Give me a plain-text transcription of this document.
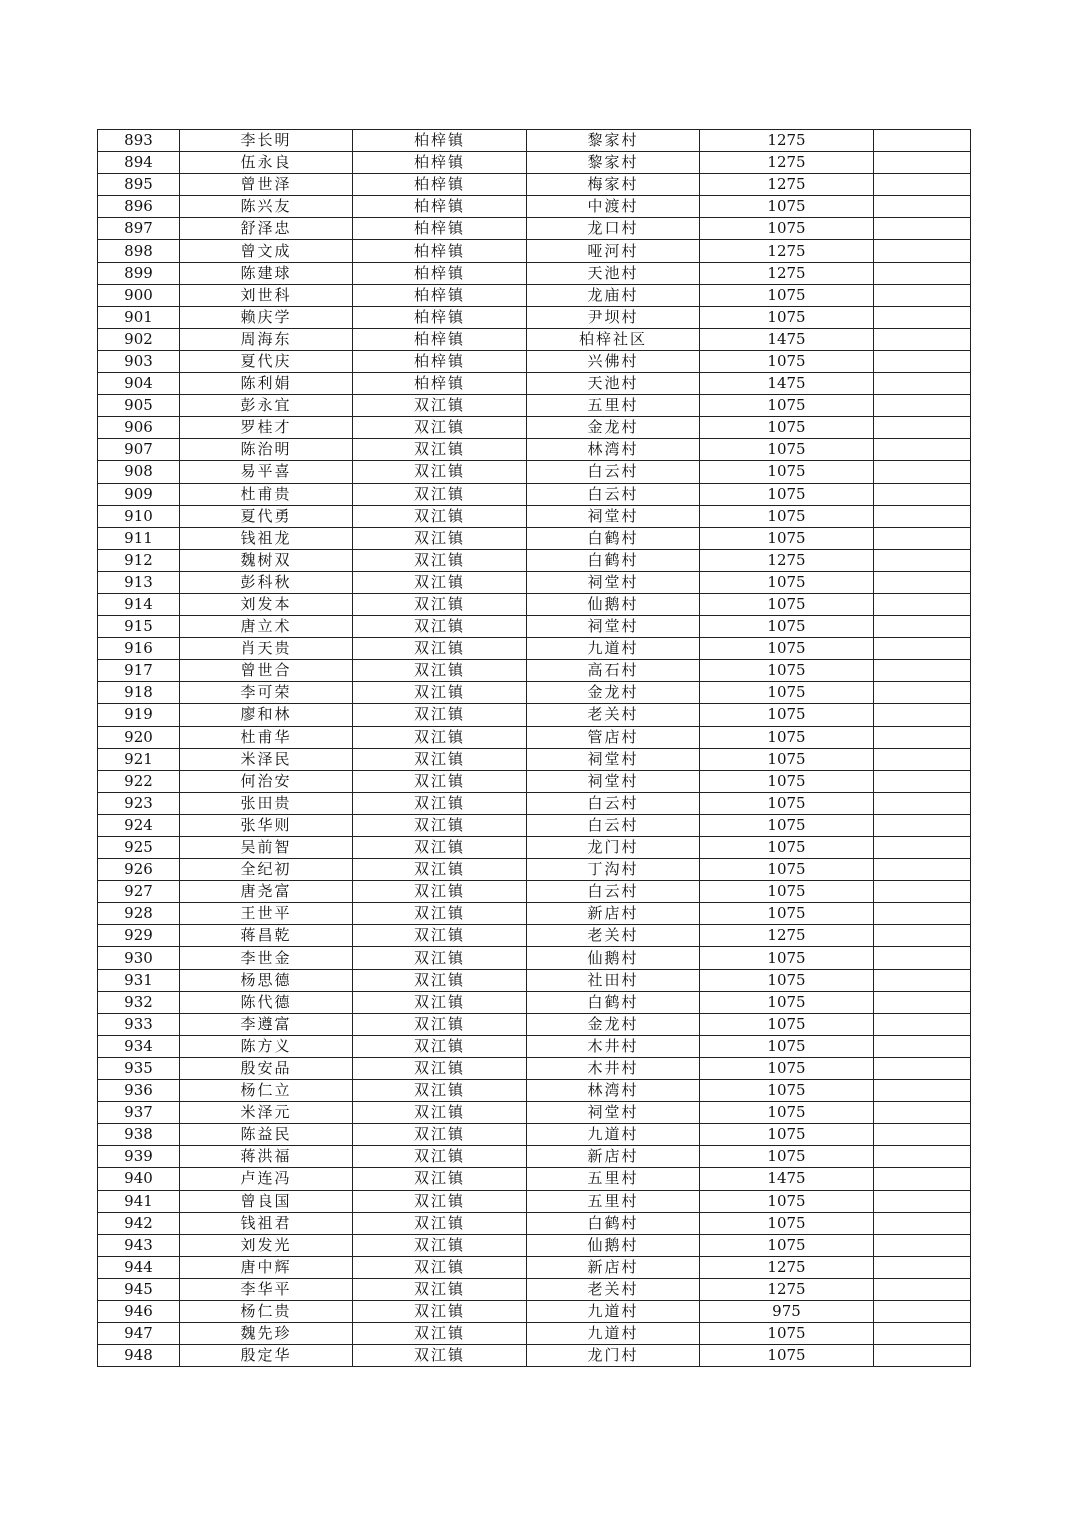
893	李长明	柏梓镇	黎家村	1275	
894	伍永良	柏梓镇	黎家村	1275	
895	曾世泽	柏梓镇	梅家村	1275	
896	陈兴友	柏梓镇	中渡村	1075	
897	舒泽忠	柏梓镇	龙口村	1075	
898	曾文成	柏梓镇	哑河村	1275	
899	陈建球	柏梓镇	天池村	1275	
900	刘世科	柏梓镇	龙庙村	1075	
901	赖庆学	柏梓镇	尹坝村	1075	
902	周海东	柏梓镇	柏梓社区	1475	
903	夏代庆	柏梓镇	兴佛村	1075	
904	陈利娟	柏梓镇	天池村	1475	
905	彭永宜	双江镇	五里村	1075	
906	罗桂才	双江镇	金龙村	1075	
907	陈治明	双江镇	林湾村	1075	
908	易平喜	双江镇	白云村	1075	
909	杜甫贵	双江镇	白云村	1075	
910	夏代勇	双江镇	祠堂村	1075	
911	钱祖龙	双江镇	白鹤村	1075	
912	魏树双	双江镇	白鹤村	1275	
913	彭科秋	双江镇	祠堂村	1075	
914	刘发本	双江镇	仙鹅村	1075	
915	唐立术	双江镇	祠堂村	1075	
916	肖天贵	双江镇	九道村	1075	
917	曾世合	双江镇	高石村	1075	
918	李可荣	双江镇	金龙村	1075	
919	廖和林	双江镇	老关村	1075	
920	杜甫华	双江镇	管店村	1075	
921	米泽民	双江镇	祠堂村	1075	
922	何治安	双江镇	祠堂村	1075	
923	张田贵	双江镇	白云村	1075	
924	张华则	双江镇	白云村	1075	
925	吴前智	双江镇	龙门村	1075	
926	全纪初	双江镇	丁沟村	1075	
927	唐尧富	双江镇	白云村	1075	
928	王世平	双江镇	新店村	1075	
929	蒋昌乾	双江镇	老关村	1275	
930	李世金	双江镇	仙鹅村	1075	
931	杨思德	双江镇	社田村	1075	
932	陈代德	双江镇	白鹤村	1075	
933	李遵富	双江镇	金龙村	1075	
934	陈方义	双江镇	木井村	1075	
935	殷安品	双江镇	木井村	1075	
936	杨仁立	双江镇	林湾村	1075	
937	米泽元	双江镇	祠堂村	1075	
938	陈益民	双江镇	九道村	1075	
939	蒋洪福	双江镇	新店村	1075	
940	卢连冯	双江镇	五里村	1475	
941	曾良国	双江镇	五里村	1075	
942	钱祖君	双江镇	白鹤村	1075	
943	刘发光	双江镇	仙鹅村	1075	
944	唐中辉	双江镇	新店村	1275	
945	李华平	双江镇	老关村	1275	
946	杨仁贵	双江镇	九道村	975	
947	魏先珍	双江镇	九道村	1075	
948	殷定华	双江镇	龙门村	1075	
